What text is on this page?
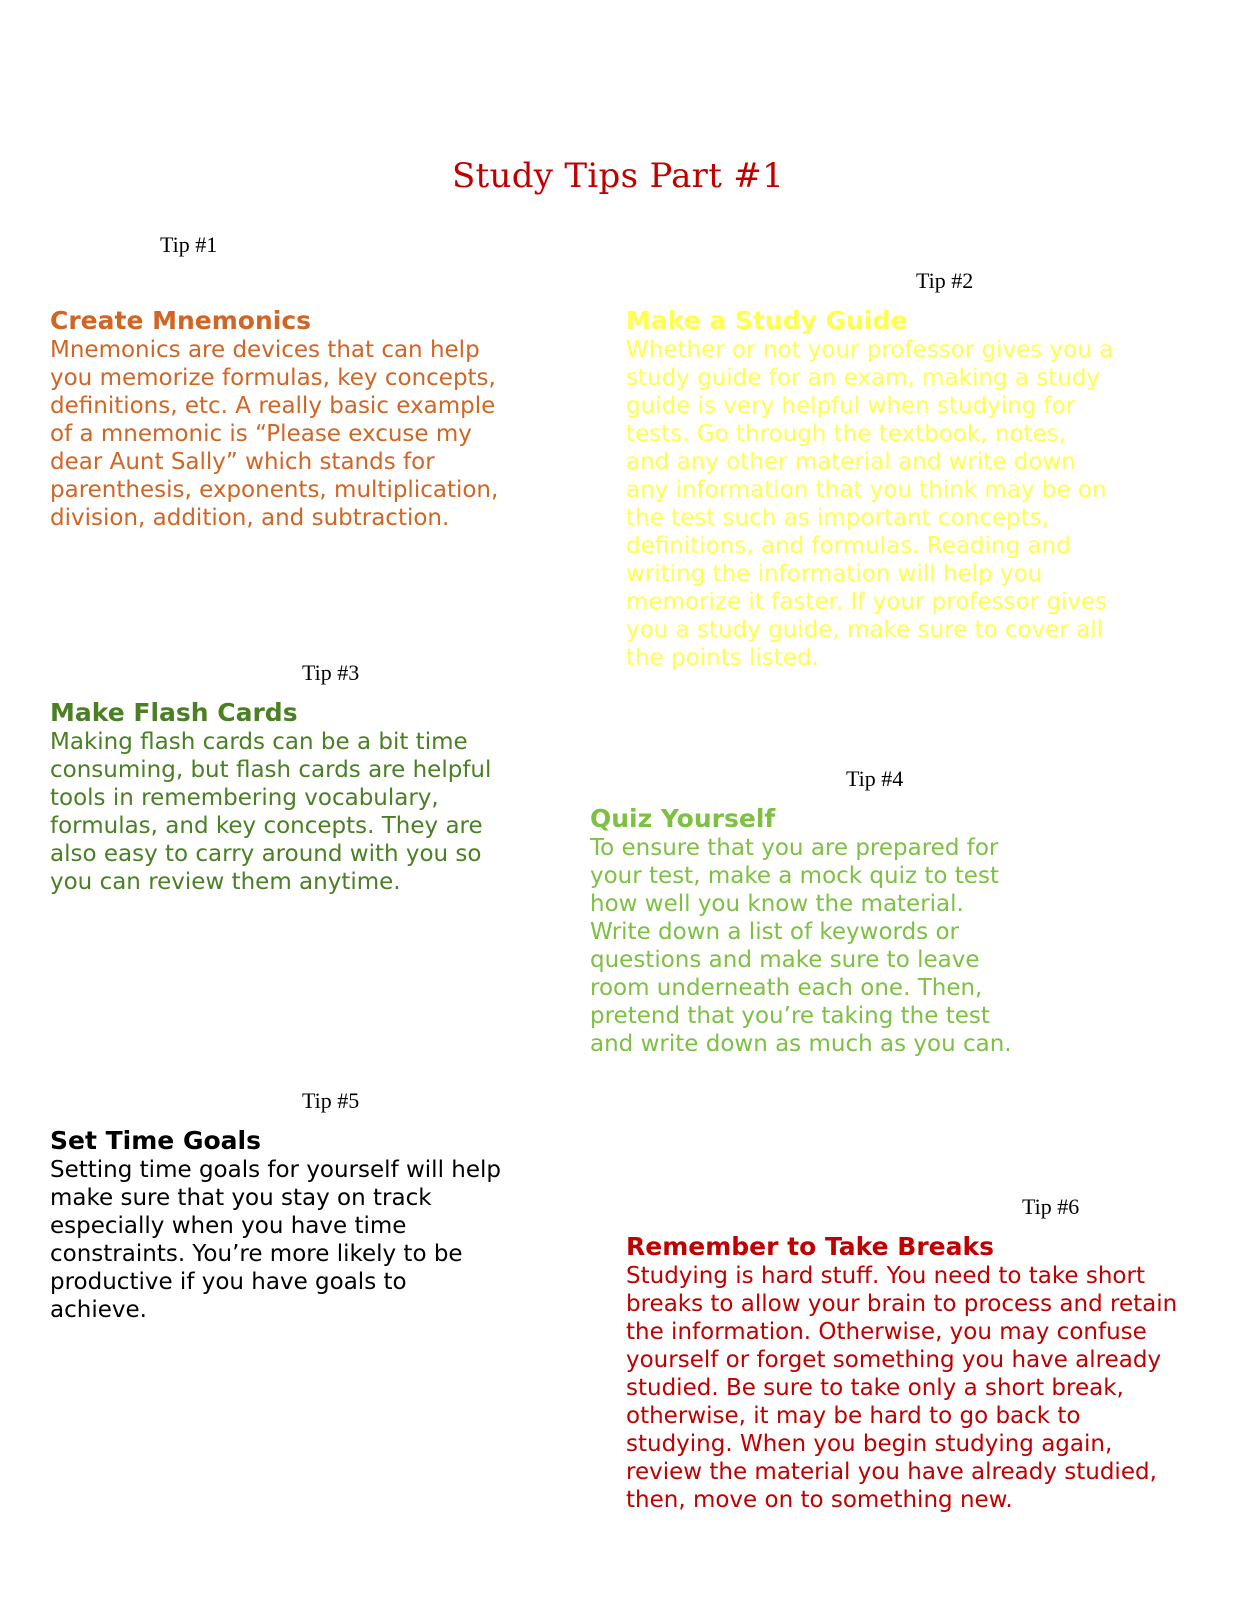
Study Tips Part #1
Tip #1

Create Mnemonics

Mnemonics are devices that can help you memorize formulas, key concepts, definitions, etc. A really basic example of a mnemonic is “Please excuse my dear Aunt Sally” which stands for parenthesis, exponents, multiplication, division, addition, and subtraction.

Tip #2

Make a Study Guide

Whether or not your professor gives you a study guide for an exam, making a study guide is very helpful when studying for tests. Go through the textbook, notes, and any other material and write down any information that you think may be on the test such as important concepts, definitions, and formulas. Reading and writing the information will help you memorize it faster. If your professor gives you a study guide, make sure to cover all the points listed.

Tip #3

Make Flash Cards

Making flash cards can be a bit time consuming, but flash cards are helpful tools in remembering vocabulary, formulas, and key concepts. They are also easy to carry around with you so you can review them anytime.

Tip #4

Quiz Yourself

To ensure that you are prepared for your test, make a mock quiz to test how well you know the material. Write down a list of keywords or questions and make sure to leave room underneath each one. Then, pretend that you’re taking the test and write down as much as you can.

Tip #5

Set Time Goals

Setting time goals for yourself will help make sure that you stay on track especially when you have time constraints. You’re more likely to be productive if you have goals to achieve.

Tip #6

Remember to Take Breaks

Studying is hard stuff. You need to take short breaks to allow your brain to process and retain the information. Otherwise, you may confuse yourself or forget something you have already studied. Be sure to take only a short break, otherwise, it may be hard to go back to studying. When you begin studying again, review the material you have already studied, then, move on to something new.
